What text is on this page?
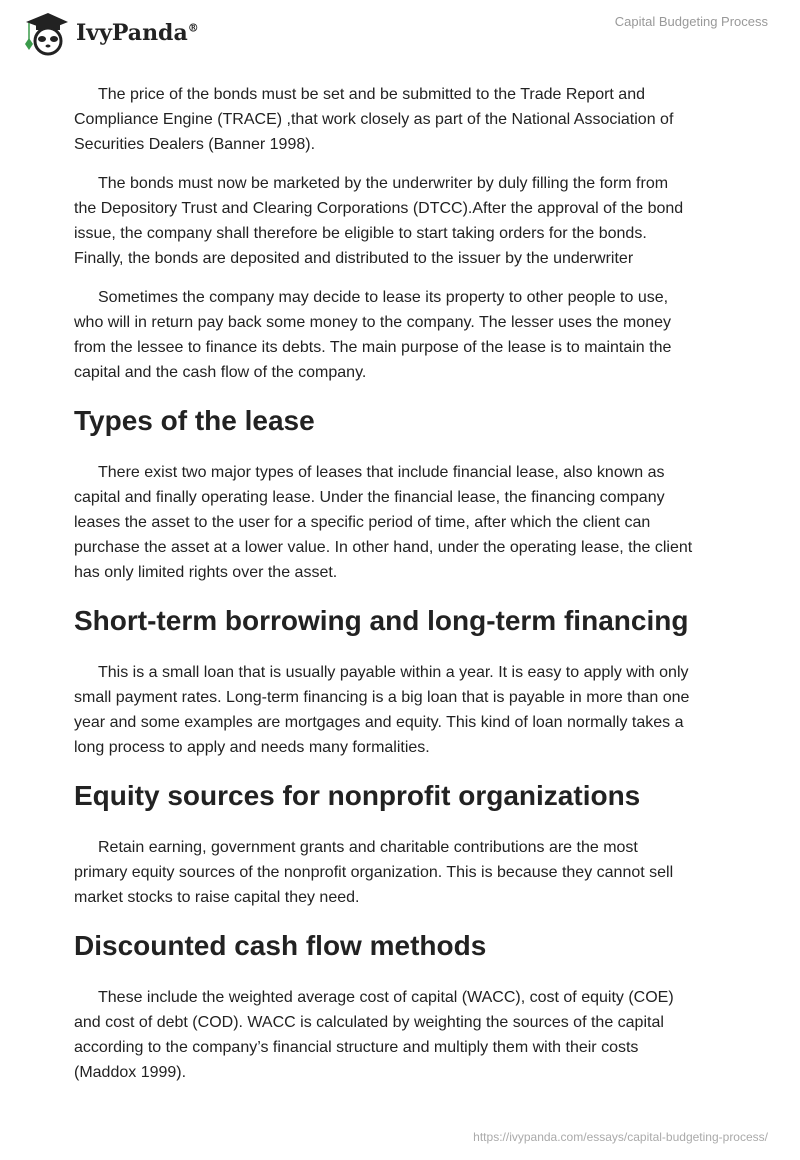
IvyPanda®	Capital Budgeting Process

The price of the bonds must be set and be submitted to the Trade Report and
Compliance Engine (TRACE) ,that work closely as part of the National Association of
Securities Dealers (Banner 1998).

The bonds must now be marketed by the underwriter by duly filling the form from
the Depository Trust and Clearing Corporations (DTCC).After the approval of the bond
issue, the company shall therefore be eligible to start taking orders for the bonds.
Finally, the bonds are deposited and distributed to the issuer by the underwriter

Sometimes the company may decide to lease its property to other people to use,
who will in return pay back some money to the company. The lesser uses the money
from the lessee to finance its debts. The main purpose of the lease is to maintain the
capital and the cash flow of the company.

Types of the lease

There exist two major types of leases that include financial lease, also known as
capital and finally operating lease. Under the financial lease, the financing company
leases the asset to the user for a specific period of time, after which the client can
purchase the asset at a lower value. In other hand, under the operating lease, the client
has only limited rights over the asset.

Short-term borrowing and long-term financing

This is a small loan that is usually payable within a year. It is easy to apply with only
small payment rates. Long-term financing is a big loan that is payable in more than one
year and some examples are mortgages and equity. This kind of loan normally takes a
long process to apply and needs many formalities.

Equity sources for nonprofit organizations

Retain earning, government grants and charitable contributions are the most
primary equity sources of the nonprofit organization. This is because they cannot sell
market stocks to raise capital they need.

Discounted cash flow methods

These include the weighted average cost of capital (WACC), cost of equity (COE)
and cost of debt (COD). WACC is calculated by weighting the sources of the capital
according to the company’s financial structure and multiply them with their costs
(Maddox 1999).

https://ivypanda.com/essays/capital-budgeting-process/
